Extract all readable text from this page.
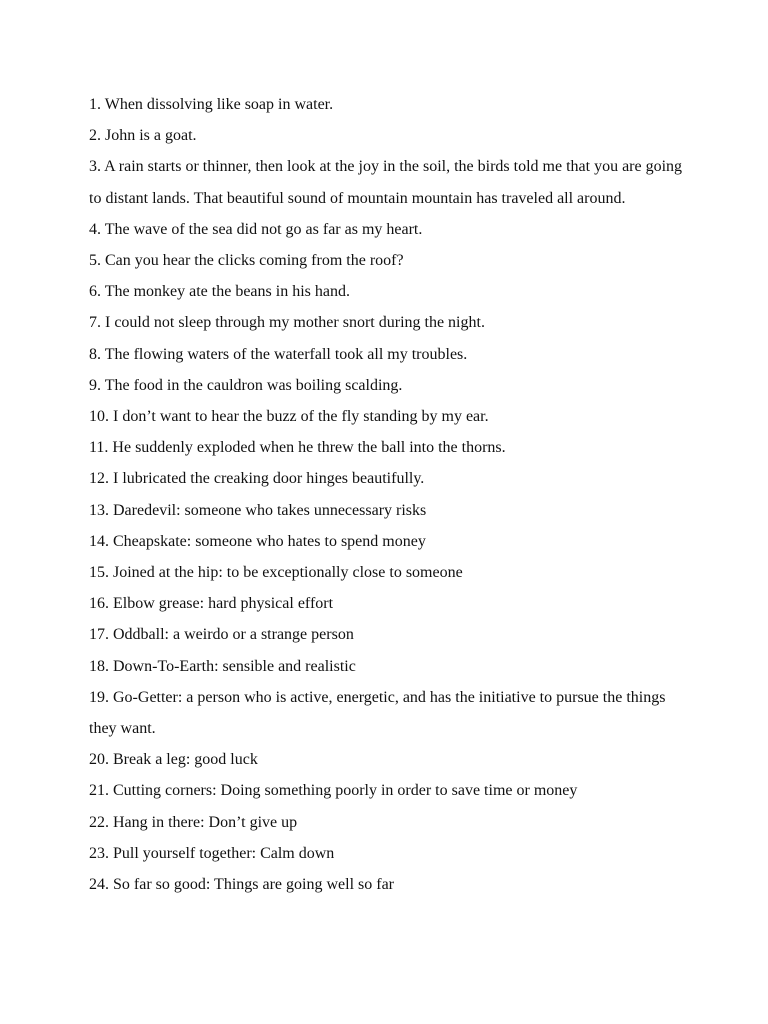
1. When dissolving like soap in water.

2. John is a goat.

3. A rain starts or thinner, then look at the joy in the soil, the birds told me that you are going to distant lands. That beautiful sound of mountain mountain has traveled all around.

4. The wave of the sea did not go as far as my heart.

5. Can you hear the clicks coming from the roof?

6. The monkey ate the beans in his hand.

7. I could not sleep through my mother snort during the night.

8. The flowing waters of the waterfall took all my troubles.

9. The food in the cauldron was boiling scalding.

10. I don’t want to hear the buzz of the fly standing by my ear.

11. He suddenly exploded when he threw the ball into the thorns.

12. I lubricated the creaking door hinges beautifully.

13. Daredevil: someone who takes unnecessary risks

14. Cheapskate: someone who hates to spend money

15. Joined at the hip: to be exceptionally close to someone

16. Elbow grease: hard physical effort

17. Oddball: a weirdo or a strange person

18. Down-To-Earth: sensible and realistic

19. Go-Getter: a person who is active, energetic, and has the initiative to pursue the things they want.

20. Break a leg: good luck

21. Cutting corners: Doing something poorly in order to save time or money

22. Hang in there: Don’t give up

23. Pull yourself together: Calm down

24. So far so good: Things are going well so far
